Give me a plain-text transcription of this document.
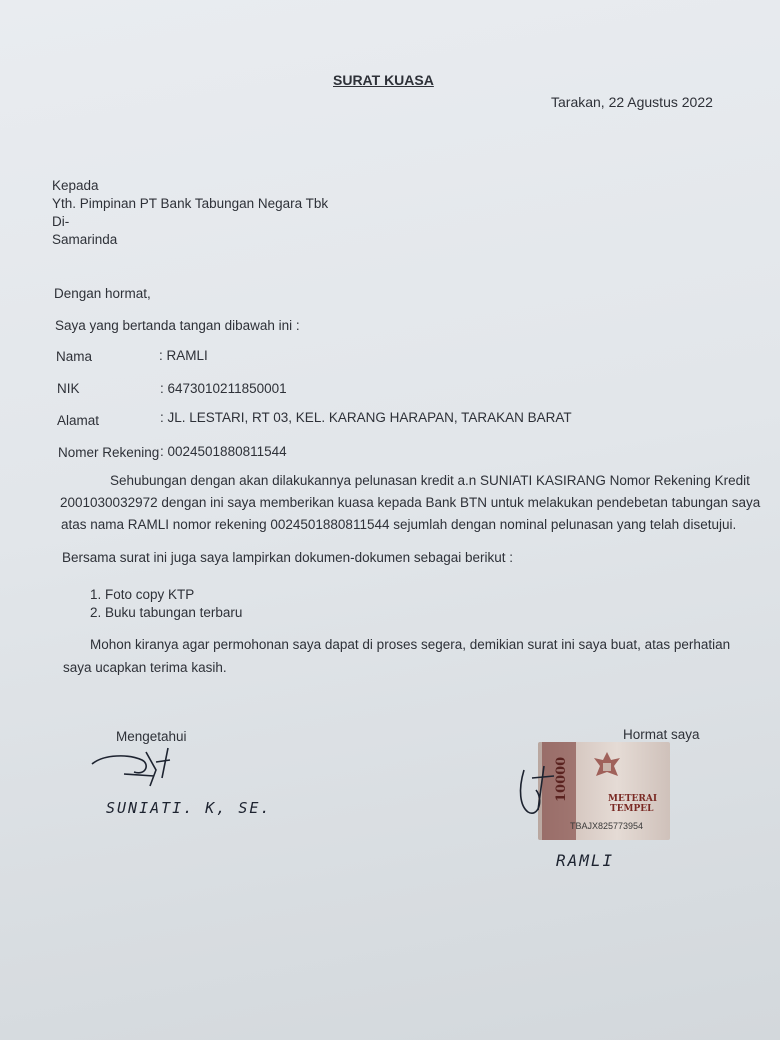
SURAT KUASA
Tarakan, 22 Agustus 2022
Kepada
Yth. Pimpinan PT Bank Tabungan Negara Tbk
Di-
Samarinda
Dengan hormat,
Saya yang bertanda tangan dibawah ini :
Nama	: RAMLI
NIK	: 6473010211850001
Alamat	: JL. LESTARI, RT 03, KEL. KARANG HARAPAN, TARAKAN BARAT
Nomer Rekening : 0024501880811544
Sehubungan dengan akan dilakukannya pelunasan kredit a.n SUNIATI KASIRANG Nomor Rekening Kredit
2001030032972 dengan ini saya memberikan kuasa kepada Bank BTN untuk melakukan pendebetan tabungan saya
atas nama RAMLI nomor rekening 0024501880811544 sejumlah dengan nominal pelunasan yang telah disetujui.
Bersama surat ini juga saya lampirkan dokumen-dokumen sebagai berikut :
1. Foto copy KTP
2. Buku tabungan terbaru
Mohon kiranya agar permohonan saya dapat di proses segera, demikian surat ini saya buat, atas perhatian
saya ucapkan terima kasih.
Mengetahui
SUNIATI. K, SE.
Hormat saya
10000	METERAI
TEMPEL
TBAJX825773954
RAMLI
